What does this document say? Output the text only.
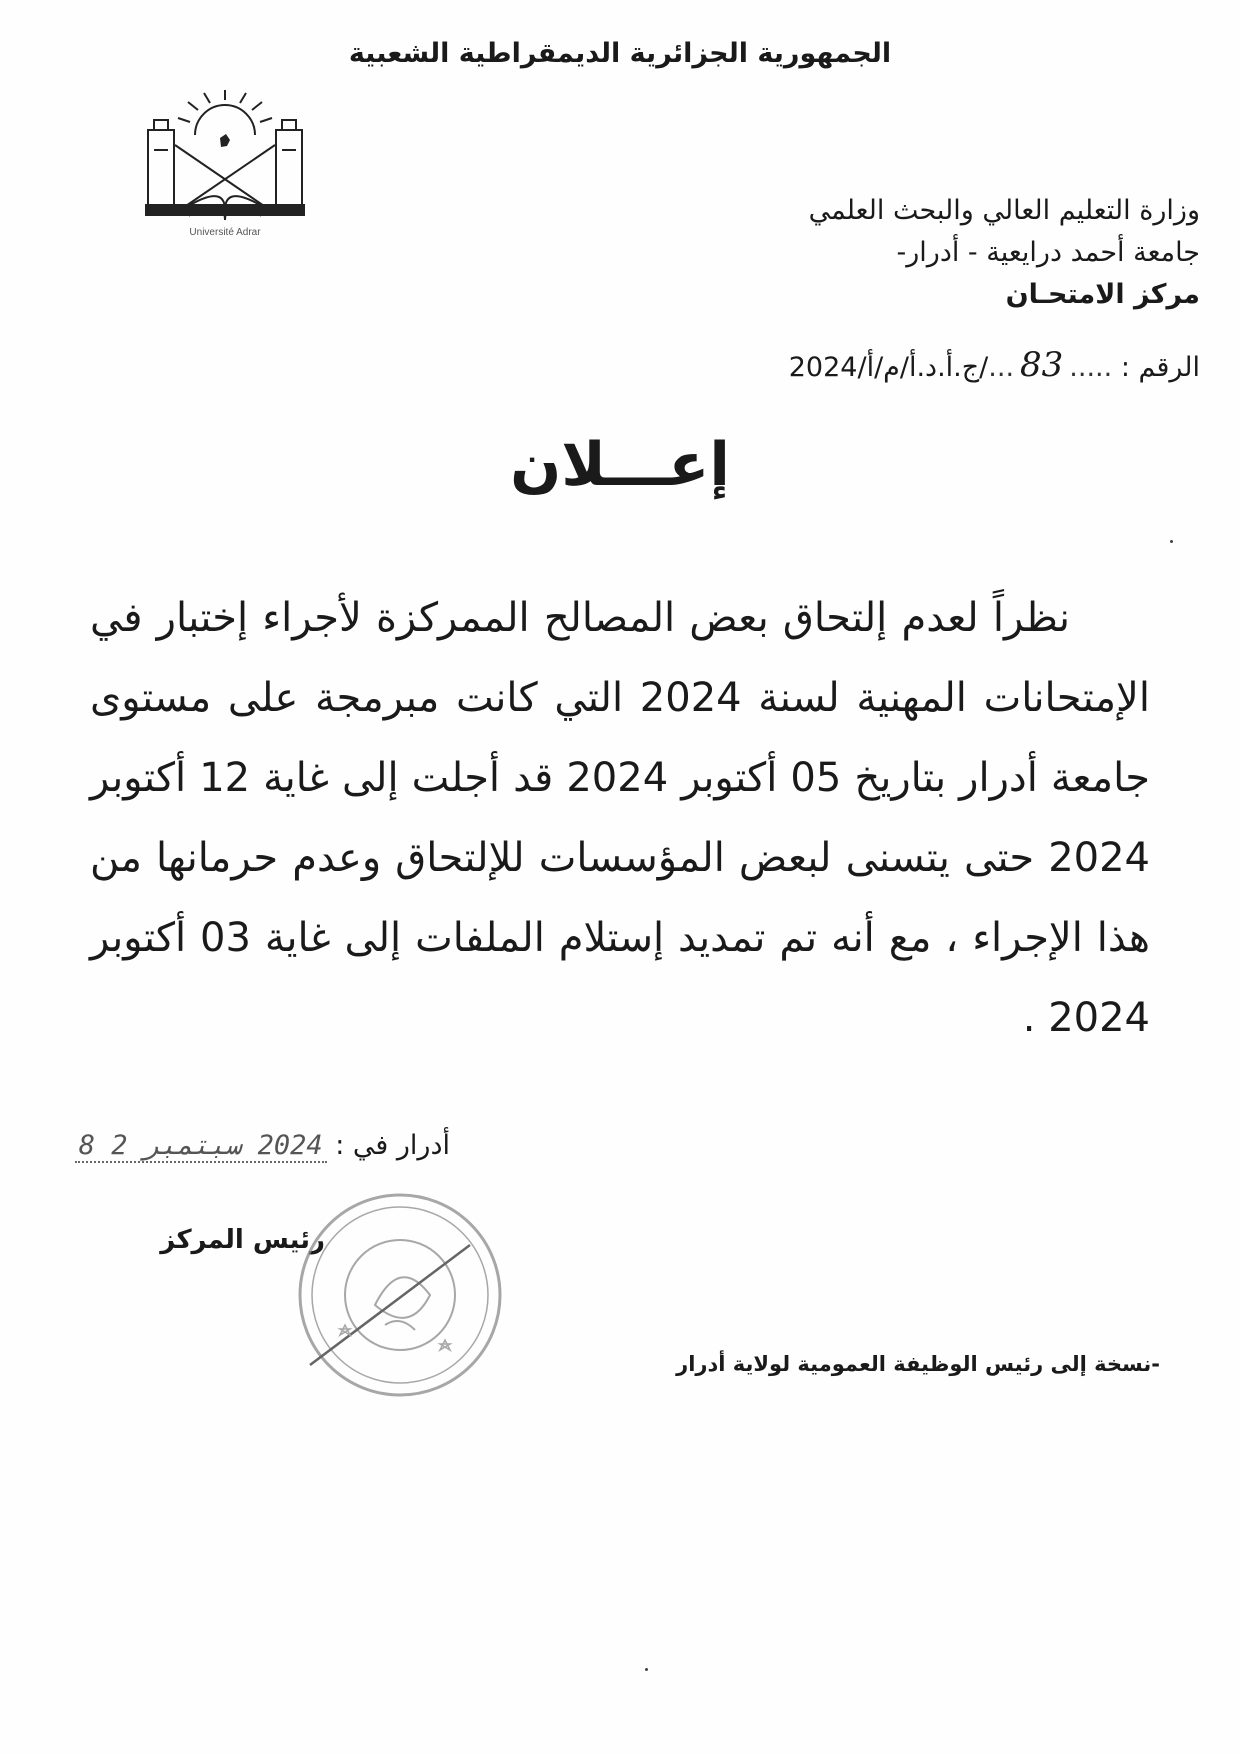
الجمهورية الجزائرية الديمقراطية الشعبية
Université Adrar
وزارة التعليم العالي والبحث العلمي
جامعة أحمد درايعية - أدرار-
مركز الامتحـان
الرقم : .....83.../ج.أ.د.أ/م/أ/2024
إعـــلان

نظراً لعدم إلتحاق بعض المصالح الممركزة لأجراء إختبار في الإمتحانات المهنية لسنة 2024 التي كانت مبرمجة على مستوى جامعة أدرار بتاريخ 05 أكتوبر 2024 قد أجلت إلى غاية 12 أكتوبر 2024 حتى يتسنى لبعض المؤسسات للإلتحاق وعدم حرمانها من هذا الإجراء ، مع أنه تم تمديد إستلام الملفات إلى غاية 03 أكتوبر 2024 .

أدرار في : 2024 سبتمبر 2 8
رئيس المركز
-نسخة إلى رئيس الوظيفة العمومية لولاية أدرار
